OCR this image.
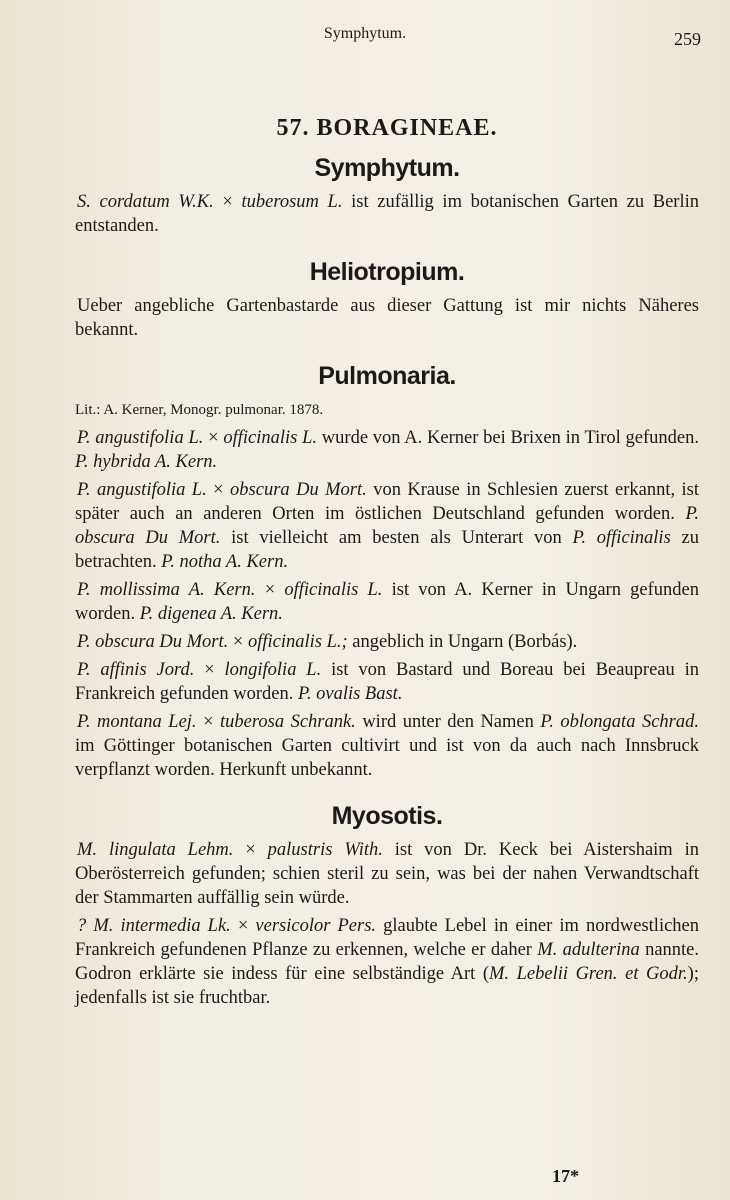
Symphytum.	259
57. BORAGINEAE.
Symphytum.

S. cordatum W.K. × tuberosum L. ist zufällig im botanischen Garten zu Berlin entstanden.

Heliotropium.

Ueber angebliche Gartenbastarde aus dieser Gattung ist mir nichts Näheres bekannt.

Pulmonaria.

Lit.: A. Kerner, Monogr. pulmonar. 1878.

P. angustifolia L. × officinalis L. wurde von A. Kerner bei Brixen in Tirol gefunden. P. hybrida A. Kern.

P. angustifolia L. × obscura Du Mort. von Krause in Schlesien zuerst erkannt, ist später auch an anderen Orten im östlichen Deutschland gefunden worden. P. obscura Du Mort. ist vielleicht am besten als Unterart von P. officinalis zu betrachten. P. notha A. Kern.

P. mollissima A. Kern. × officinalis L. ist von A. Kerner in Ungarn gefunden worden. P. digenea A. Kern.

P. obscura Du Mort. × officinalis L.; angeblich in Ungarn (Borbás).

P. affinis Jord. × longifolia L. ist von Bastard und Boreau bei Beaupreau in Frankreich gefunden worden. P. ovalis Bast.

P. montana Lej. × tuberosa Schrank. wird unter den Namen P. oblongata Schrad. im Göttinger botanischen Garten cultivirt und ist von da auch nach Innsbruck verpflanzt worden. Herkunft unbekannt.

Myosotis.

M. lingulata Lehm. × palustris With. ist von Dr. Keck bei Aistershaim in Oberösterreich gefunden; schien steril zu sein, was bei der nahen Verwandtschaft der Stammarten auffällig sein würde.

? M. intermedia Lk. × versicolor Pers. glaubte Lebel in einer im nordwestlichen Frankreich gefundenen Pflanze zu erkennen, welche er daher M. adulterina nannte. Godron erklärte sie indess für eine selbständige Art (M. Lebelii Gren. et Godr.); jedenfalls ist sie fruchtbar.

17*
